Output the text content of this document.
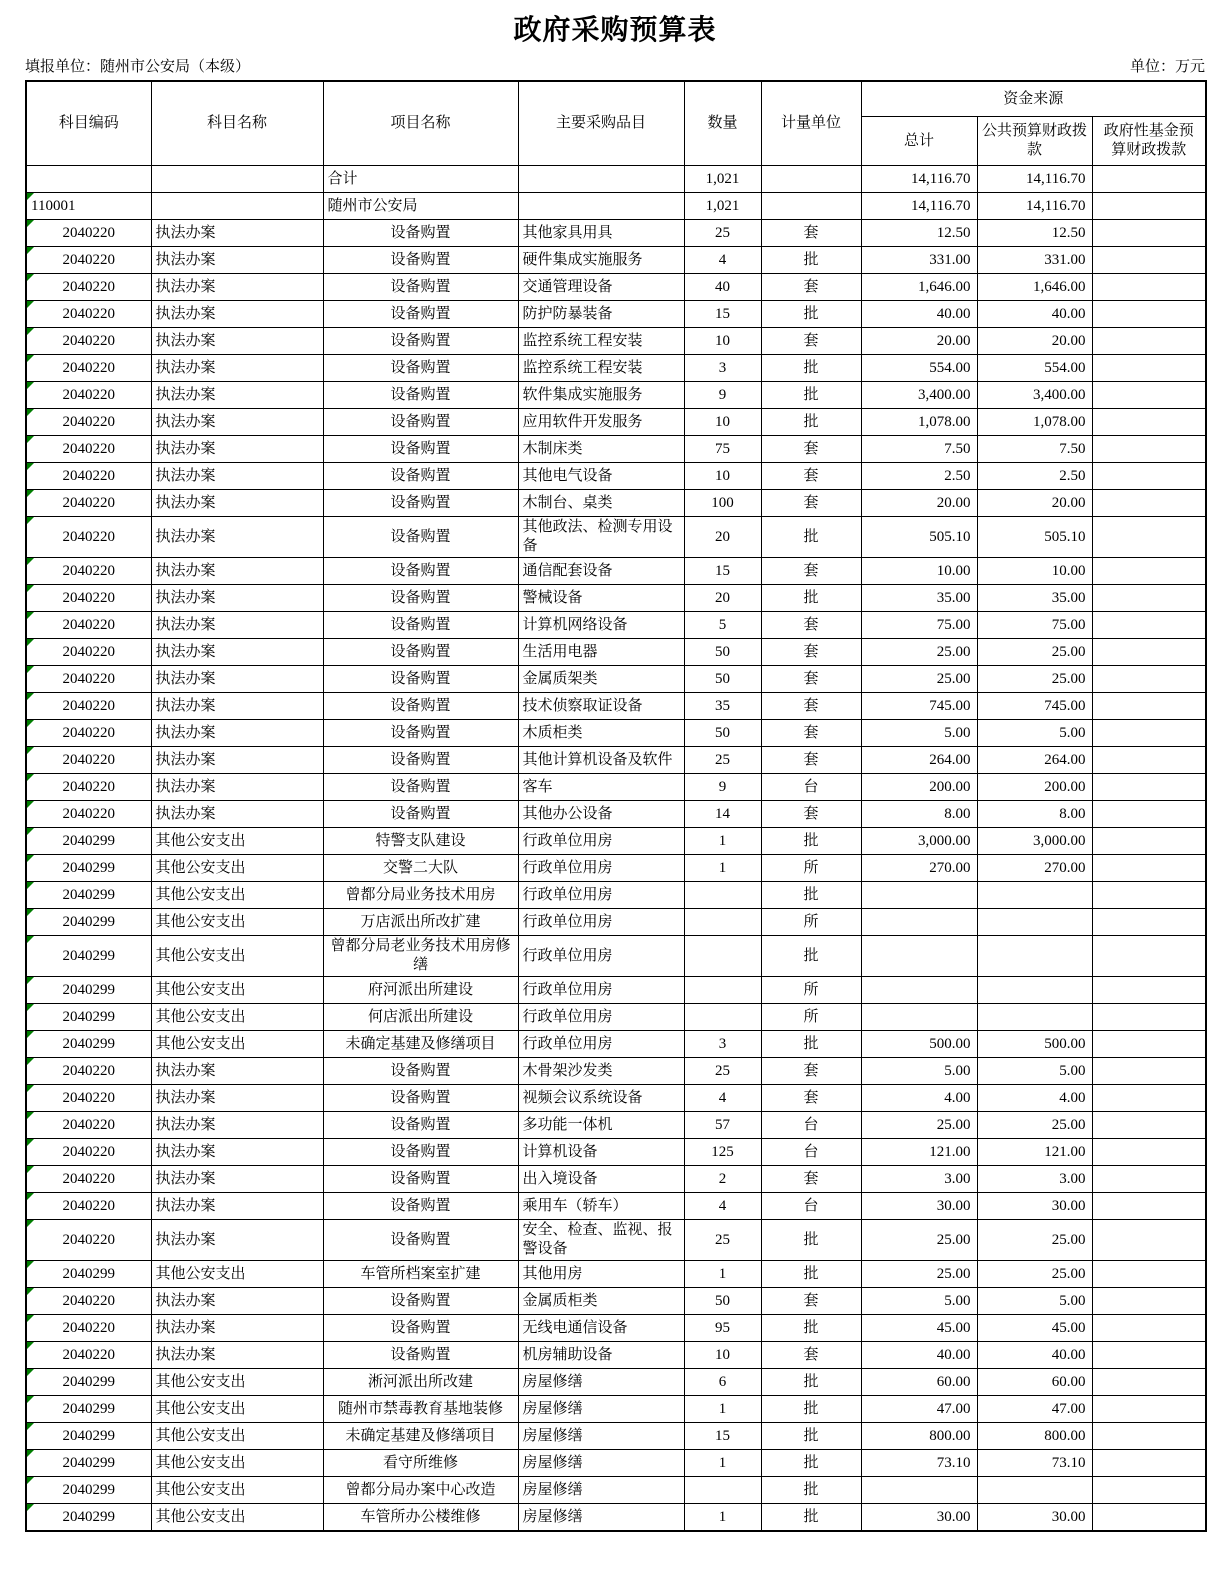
政府采购预算表
填报单位：随州市公安局（本级）	单位：万元
科目编码	科目名称	项目名称	主要采购品目	数量	计量单位	资金来源		
						总计	公共预算财政拨款	政府性基金预算财政拨款
		合计		1,021		14,116.70	14,116.70	
110001		随州市公安局		1,021		14,116.70	14,116.70	
2040220	执法办案	设备购置	其他家具用具	25	套	12.50	12.50	
2040220	执法办案	设备购置	硬件集成实施服务	4	批	331.00	331.00	
2040220	执法办案	设备购置	交通管理设备	40	套	1,646.00	1,646.00	
2040220	执法办案	设备购置	防护防暴装备	15	批	40.00	40.00	
2040220	执法办案	设备购置	监控系统工程安装	10	套	20.00	20.00	
2040220	执法办案	设备购置	监控系统工程安装	3	批	554.00	554.00	
2040220	执法办案	设备购置	软件集成实施服务	9	批	3,400.00	3,400.00	
2040220	执法办案	设备购置	应用软件开发服务	10	批	1,078.00	1,078.00	
2040220	执法办案	设备购置	木制床类	75	套	7.50	7.50	
2040220	执法办案	设备购置	其他电气设备	10	套	2.50	2.50	
2040220	执法办案	设备购置	木制台、桌类	100	套	20.00	20.00	
2040220	执法办案	设备购置	其他政法、检测专用设备	20	批	505.10	505.10	
2040220	执法办案	设备购置	通信配套设备	15	套	10.00	10.00	
2040220	执法办案	设备购置	警械设备	20	批	35.00	35.00	
2040220	执法办案	设备购置	计算机网络设备	5	套	75.00	75.00	
2040220	执法办案	设备购置	生活用电器	50	套	25.00	25.00	
2040220	执法办案	设备购置	金属质架类	50	套	25.00	25.00	
2040220	执法办案	设备购置	技术侦察取证设备	35	套	745.00	745.00	
2040220	执法办案	设备购置	木质柜类	50	套	5.00	5.00	
2040220	执法办案	设备购置	其他计算机设备及软件	25	套	264.00	264.00	
2040220	执法办案	设备购置	客车	9	台	200.00	200.00	
2040220	执法办案	设备购置	其他办公设备	14	套	8.00	8.00	
2040299	其他公安支出	特警支队建设	行政单位用房	1	批	3,000.00	3,000.00	
2040299	其他公安支出	交警二大队	行政单位用房	1	所	270.00	270.00	
2040299	其他公安支出	曾都分局业务技术用房	行政单位用房		批			
2040299	其他公安支出	万店派出所改扩建	行政单位用房		所			
2040299	其他公安支出	曾都分局老业务技术用房修缮	行政单位用房		批			
2040299	其他公安支出	府河派出所建设	行政单位用房		所			
2040299	其他公安支出	何店派出所建设	行政单位用房		所			
2040299	其他公安支出	未确定基建及修缮项目	行政单位用房	3	批	500.00	500.00	
2040220	执法办案	设备购置	木骨架沙发类	25	套	5.00	5.00	
2040220	执法办案	设备购置	视频会议系统设备	4	套	4.00	4.00	
2040220	执法办案	设备购置	多功能一体机	57	台	25.00	25.00	
2040220	执法办案	设备购置	计算机设备	125	台	121.00	121.00	
2040220	执法办案	设备购置	出入境设备	2	套	3.00	3.00	
2040220	执法办案	设备购置	乘用车（轿车）	4	台	30.00	30.00	
2040220	执法办案	设备购置	安全、检查、监视、报警设备	25	批	25.00	25.00	
2040299	其他公安支出	车管所档案室扩建	其他用房	1	批	25.00	25.00	
2040220	执法办案	设备购置	金属质柜类	50	套	5.00	5.00	
2040220	执法办案	设备购置	无线电通信设备	95	批	45.00	45.00	
2040220	执法办案	设备购置	机房辅助设备	10	套	40.00	40.00	
2040299	其他公安支出	淅河派出所改建	房屋修缮	6	批	60.00	60.00	
2040299	其他公安支出	随州市禁毒教育基地装修	房屋修缮	1	批	47.00	47.00	
2040299	其他公安支出	未确定基建及修缮项目	房屋修缮	15	批	800.00	800.00	
2040299	其他公安支出	看守所维修	房屋修缮	1	批	73.10	73.10	
2040299	其他公安支出	曾都分局办案中心改造	房屋修缮		批			
2040299	其他公安支出	车管所办公楼维修	房屋修缮	1	批	30.00	30.00	
